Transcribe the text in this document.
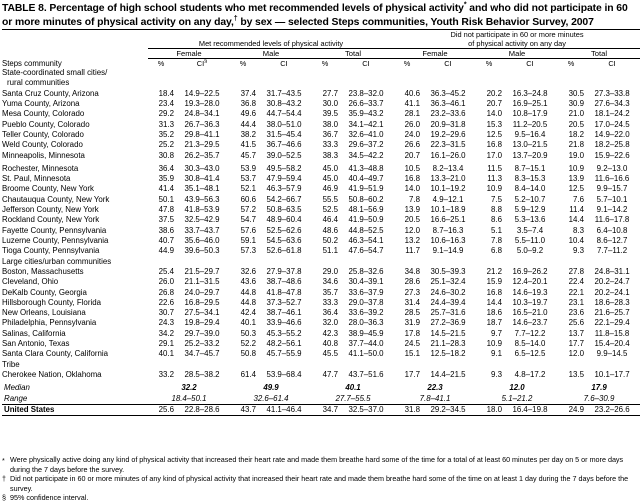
TABLE 8. Percentage of high school students who met recommended levels of physical activity* and who did not participate in 60 or more minutes of physical activity on any day,† by sex — selected Steps communities, Youth Risk Behavior Survey, 2007
	Met recommended levels of physical activity						Did not participate in 60 or more minutes
of physical activity on any day					

	Female		Male		Total		Female		Male		Total	
Steps community	%	CI§	%	CI	%	CI	%	CI	%	CI	%	CI
State-coordinated small cities/												
rural communities												
Santa Cruz County, Arizona	18.4	14.9–22.5	37.4	31.7–43.5	27.7	23.8–32.0	40.6	36.3–45.2	20.2	16.3–24.8	30.5	27.3–33.8
Yuma County, Arizona	23.4	19.3–28.0	36.8	30.8–43.2	30.0	26.6–33.7	41.1	36.3–46.1	20.7	16.9–25.1	30.9	27.6–34.3
Mesa County, Colorado	29.2	24.8–34.1	49.6	44.7–54.4	39.5	35.9–43.2	28.1	23.2–33.6	14.0	10.8–17.9	21.0	18.1–24.2
Pueblo County, Colorado	31.3	26.7–36.3	44.4	38.0–51.0	38.0	34.1–42.1	26.0	20.9–31.8	15.3	11.2–20.5	20.5	17.0–24.5
Teller County, Colorado	35.2	29.8–41.1	38.2	31.5–45.4	36.7	32.6–41.0	24.0	19.2–29.6	12.5	9.5–16.4	18.2	14.9–22.0
Weld County, Colorado	25.2	21.3–29.5	41.5	36.7–46.6	33.3	29.6–37.2	26.6	22.3–31.5	16.8	13.0–21.5	21.8	18.2–25.8
Minneapolis, Minnesota	30.8	26.2–35.7	45.7	39.0–52.5	38.3	34.5–42.2	20.7	16.1–26.0	17.0	13.7–20.9	19.0	15.9–22.6

Rochester, Minnesota	36.4	30.3–43.0	53.9	49.5–58.2	45.0	41.3–48.8	10.5	8.2–13.4	11.5	8.7–15.1	10.9	9.2–13.0
St. Paul, Minnesota	35.9	30.8–41.4	53.7	47.9–59.4	45.0	40.4–49.7	16.8	13.3–21.0	11.3	8.3–15.3	13.9	11.6–16.6
Broome County, New York	41.4	35.1–48.1	52.1	46.3–57.9	46.9	41.9–51.9	14.0	10.1–19.2	10.9	8.4–14.0	12.5	9.9–15.7
Chautauqua County, New York	50.1	43.9–56.3	60.6	54.2–66.7	55.5	50.8–60.2	7.8	4.9–12.1	7.5	5.2–10.7	7.6	5.7–10.1
Jefferson County, New York	47.8	41.8–53.9	57.2	50.8–63.5	52.5	48.1–56.9	13.9	10.1–18.9	8.8	5.9–12.9	11.4	9.1–14.2
Rockland County, New York	37.5	32.5–42.9	54.7	48.9–60.4	46.4	41.9–50.9	20.5	16.6–25.1	8.6	5.3–13.6	14.4	11.6–17.8
Fayette County, Pennsylvania	38.6	33.7–43.7	57.6	52.5–62.6	48.6	44.8–52.5	12.0	8.7–16.3	5.1	3.5–7.4	8.3	6.4–10.8
Luzerne County, Pennsylvania	40.7	35.6–46.0	59.1	54.5–63.6	50.2	46.3–54.1	13.2	10.6–16.3	7.8	5.5–11.0	10.4	8.6–12.7
Tioga County, Pennsylvania	44.9	39.6–50.3	57.3	52.6–61.8	51.1	47.6–54.7	11.7	9.1–14.9	6.8	5.0–9.2	9.3	7.7–11.2
Large cities/urban communities												
Boston, Massachusetts	25.4	21.5–29.7	32.6	27.9–37.8	29.0	25.8–32.6	34.8	30.5–39.3	21.2	16.9–26.2	27.8	24.8–31.1
Cleveland, Ohio	26.0	21.1–31.5	43.6	38.7–48.6	34.6	30.4–39.1	28.6	25.1–32.4	15.9	12.4–20.1	22.4	20.2–24.7
DeKalb County, Georgia	26.8	24.0–29.7	44.8	41.8–47.8	35.7	33.6–37.9	27.3	24.6–30.2	16.8	14.6–19.3	22.1	20.2–24.1
Hillsborough County, Florida	22.6	16.8–29.5	44.8	37.3–52.7	33.3	29.0–37.8	31.4	24.4–39.4	14.4	10.3–19.7	23.1	18.6–28.3
New Orleans, Louisiana	30.7	27.5–34.1	42.4	38.7–46.1	36.4	33.6–39.2	28.5	25.7–31.6	18.6	16.5–21.0	23.6	21.6–25.7
Philadelphia, Pennsylvania	24.3	19.8–29.4	40.1	33.9–46.6	32.0	28.0–36.3	31.9	27.2–36.9	18.7	14.6–23.7	25.6	22.1–29.4
Salinas, California	34.2	29.7–39.0	50.3	45.3–55.2	42.3	38.9–45.9	17.8	14.5–21.5	9.7	7.7–12.2	13.7	11.8–15.8
San Antonio, Texas	29.1	25.2–33.2	52.2	48.2–56.1	40.8	37.7–44.0	24.5	21.1–28.3	10.9	8.5–14.0	17.7	15.4–20.4
Santa Clara County, California	40.1	34.7–45.7	50.8	45.7–55.9	45.5	41.1–50.0	15.1	12.5–18.2	9.1	6.5–12.5	12.0	9.9–14.5
Tribe												
Cherokee Nation, Oklahoma	33.2	28.5–38.2	61.4	53.9–68.4	47.7	43.7–51.6	17.7	14.4–21.5	9.3	4.8–17.2	13.5	10.1–17.7

Median	32.2		49.9		40.1		22.3		12.0		17.9	
Range	18.4–50.1		32.6–61.4		27.7–55.5		7.8–41.1		5.1–21.2		7.6–30.9	
United States	25.6	22.8–28.6	43.7	41.1–46.4	34.7	32.5–37.0	31.8	29.2–34.5	18.0	16.4–19.8	24.9	23.2–26.6

* Were physically active doing any kind of physical activity that increased their heart rate and made them breathe hard some of the time for a total of at least 60 minutes per day on 5 or more days during the 7 days before the survey.
† Did not participate in 60 or more minutes of any kind of physical activity that increased their heart rate and made them breathe hard some of the time on at least 1 day during the 7 days before the survey.
§ 95% confidence interval.
